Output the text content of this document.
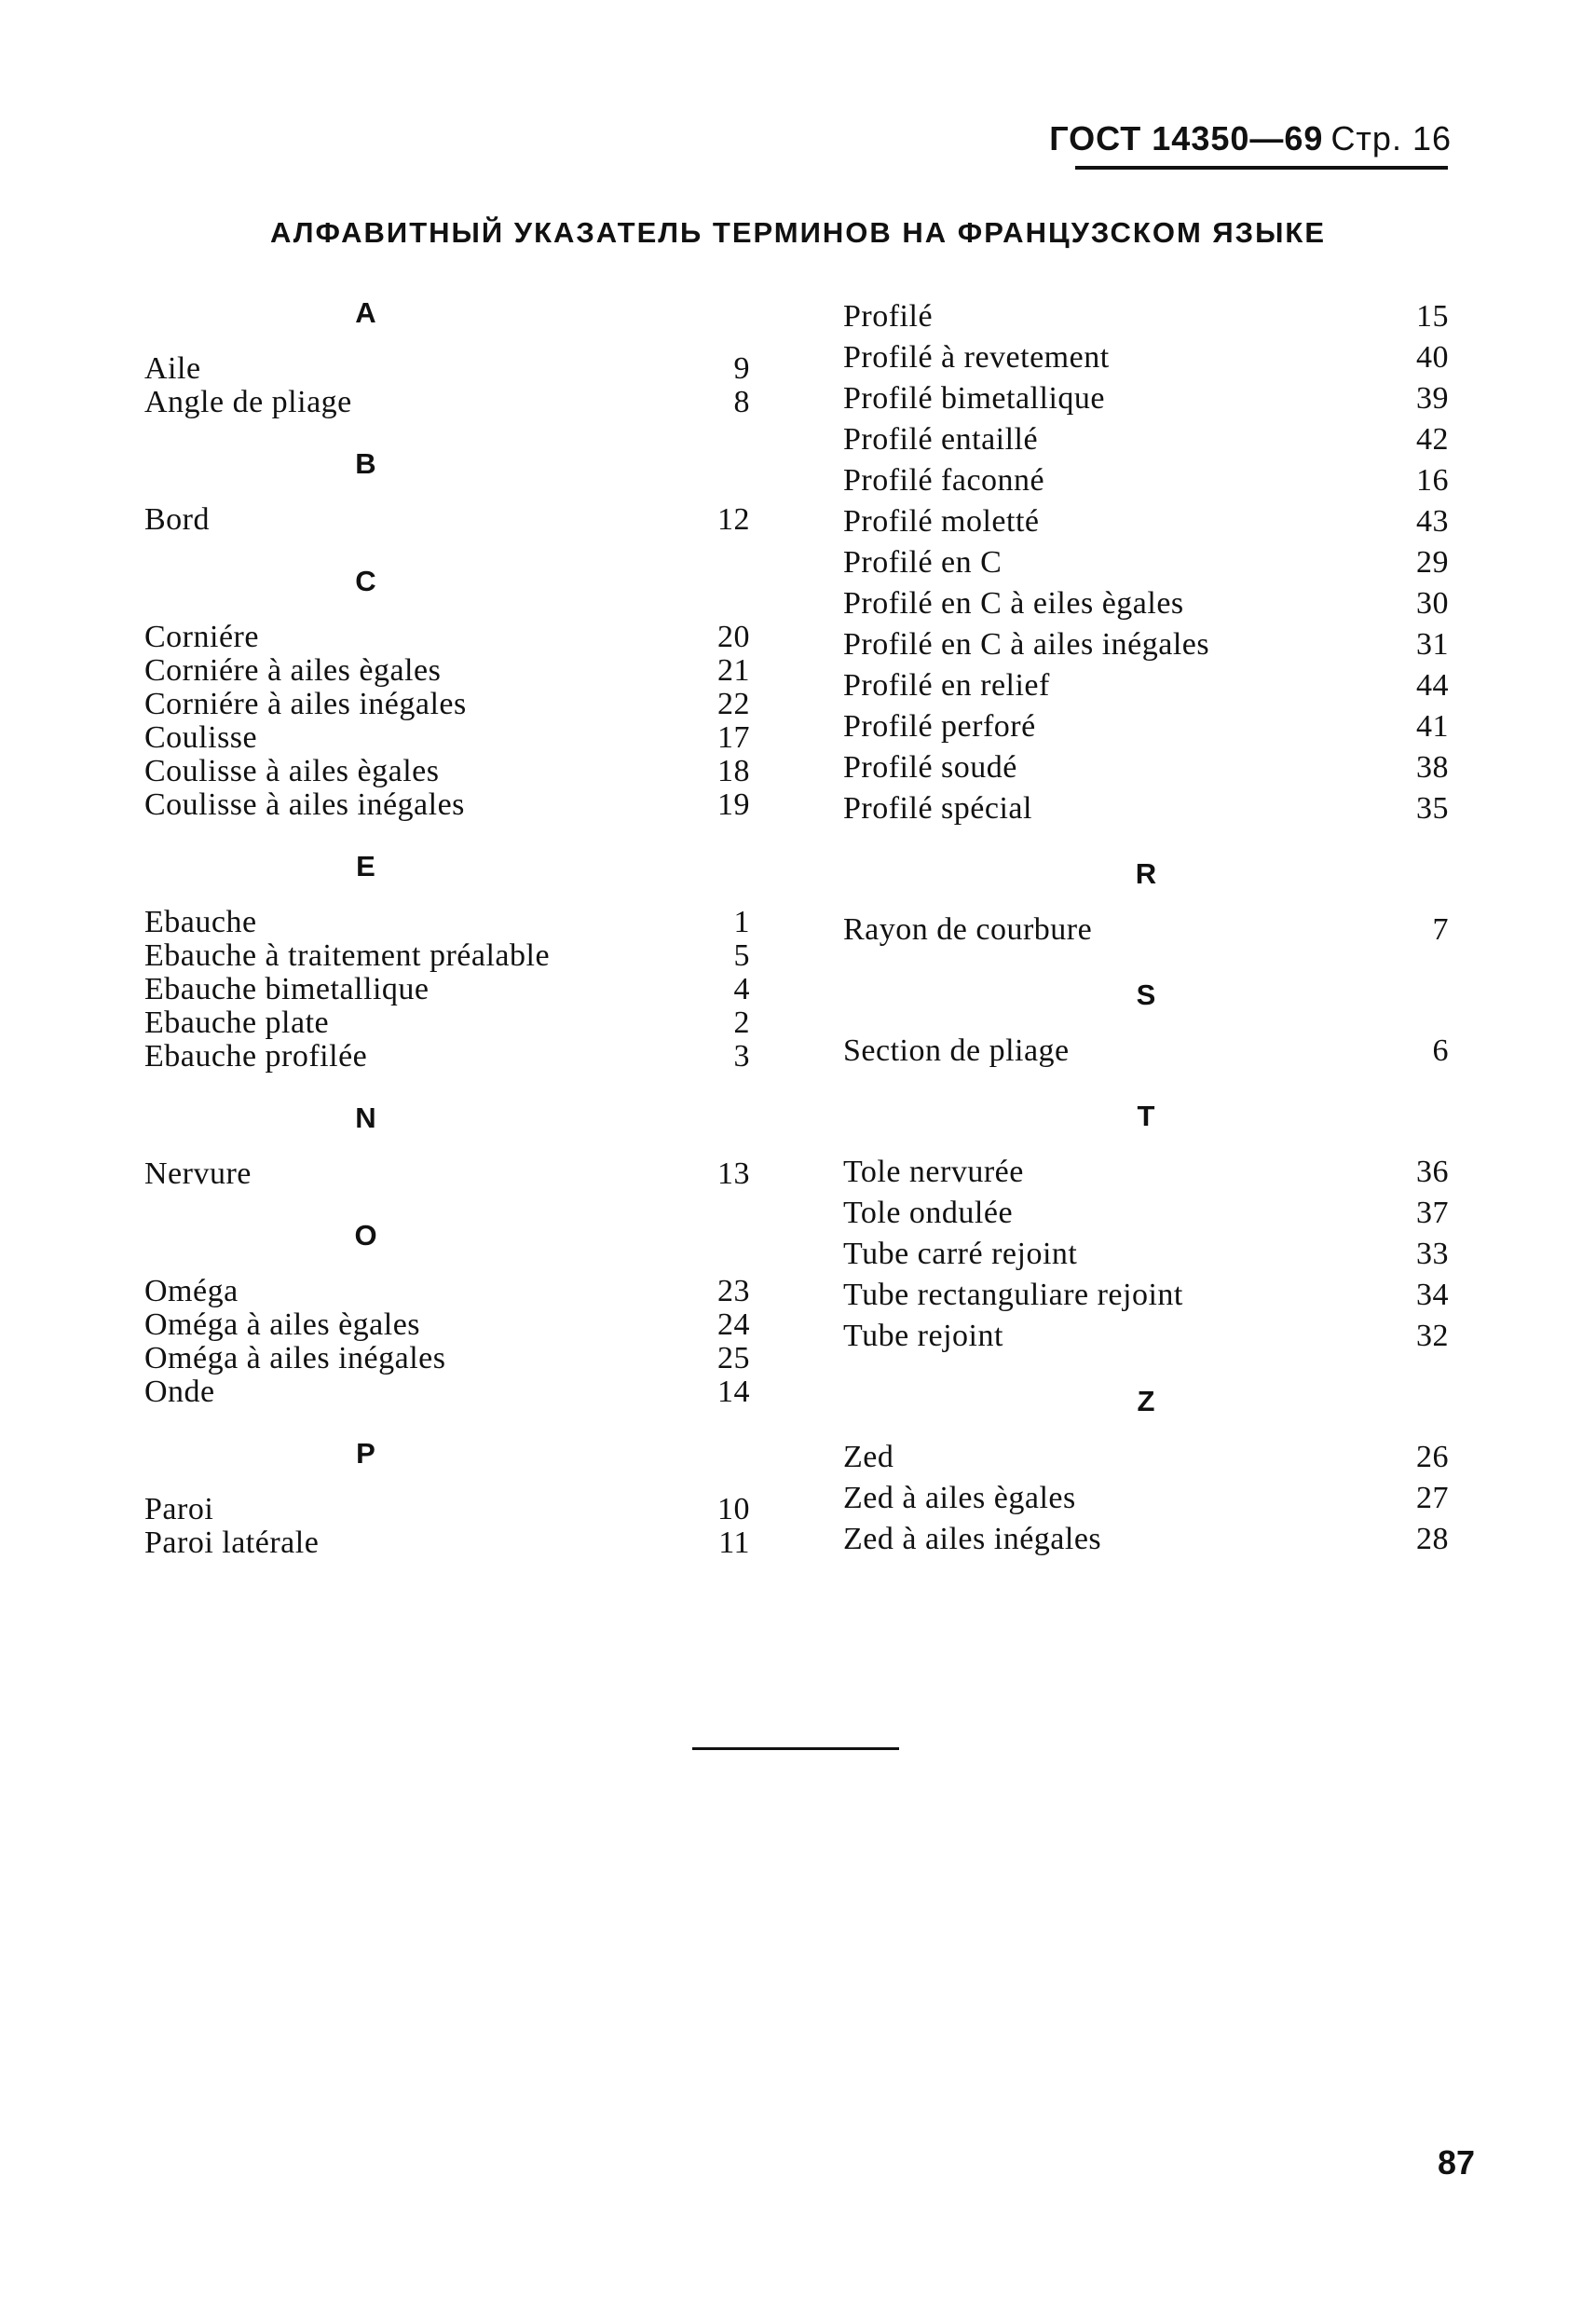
ГОСТ 14350—69 Стр. 16
АЛФАВИТНЫЙ УКАЗАТЕЛЬ ТЕРМИНОВ НА ФРАНЦУЗСКОМ ЯЗЫКЕ
A
Aile	9
Angle de pliage	8
B
Bord	12
C
Corniére	20
Corniére à ailes ègales	21
Corniére à ailes inégales	22
Coulisse	17
Coulisse à ailes ègales	18
Coulisse à ailes inégales	19
E
Ebauche	1
Ebauche à traitement préalable	5
Ebauche bimetallique	4
Ebauche plate	2
Ebauche profilée	3
N
Nervure	13
O
Oméga	23
Oméga à ailes ègales	24
Oméga à ailes inégales	25
Onde	14
P
Paroi	10
Paroi latérale	11
Profilé	15
Profilé à revetement	40
Profilé bimetallique	39
Profilé entaillé	42
Profilé faconné	16
Profilé moletté	43
Profilé en C	29
Profilé en C à eiles ègales	30
Profilé en C à ailes inégales	31
Profilé en relief	44
Profilé perforé	41
Profilé soudé	38
Profilé spécial	35
R
Rayon de courbure	7
S
Section de pliage	6
T
Tole nervurée	36
Tole ondulée	37
Tube carré rejoint	33
Tube rectanguliare rejoint	34
Tube rejoint	32
Z
Zed	26
Zed à ailes ègales	27
Zed à ailes inégales	28
87
